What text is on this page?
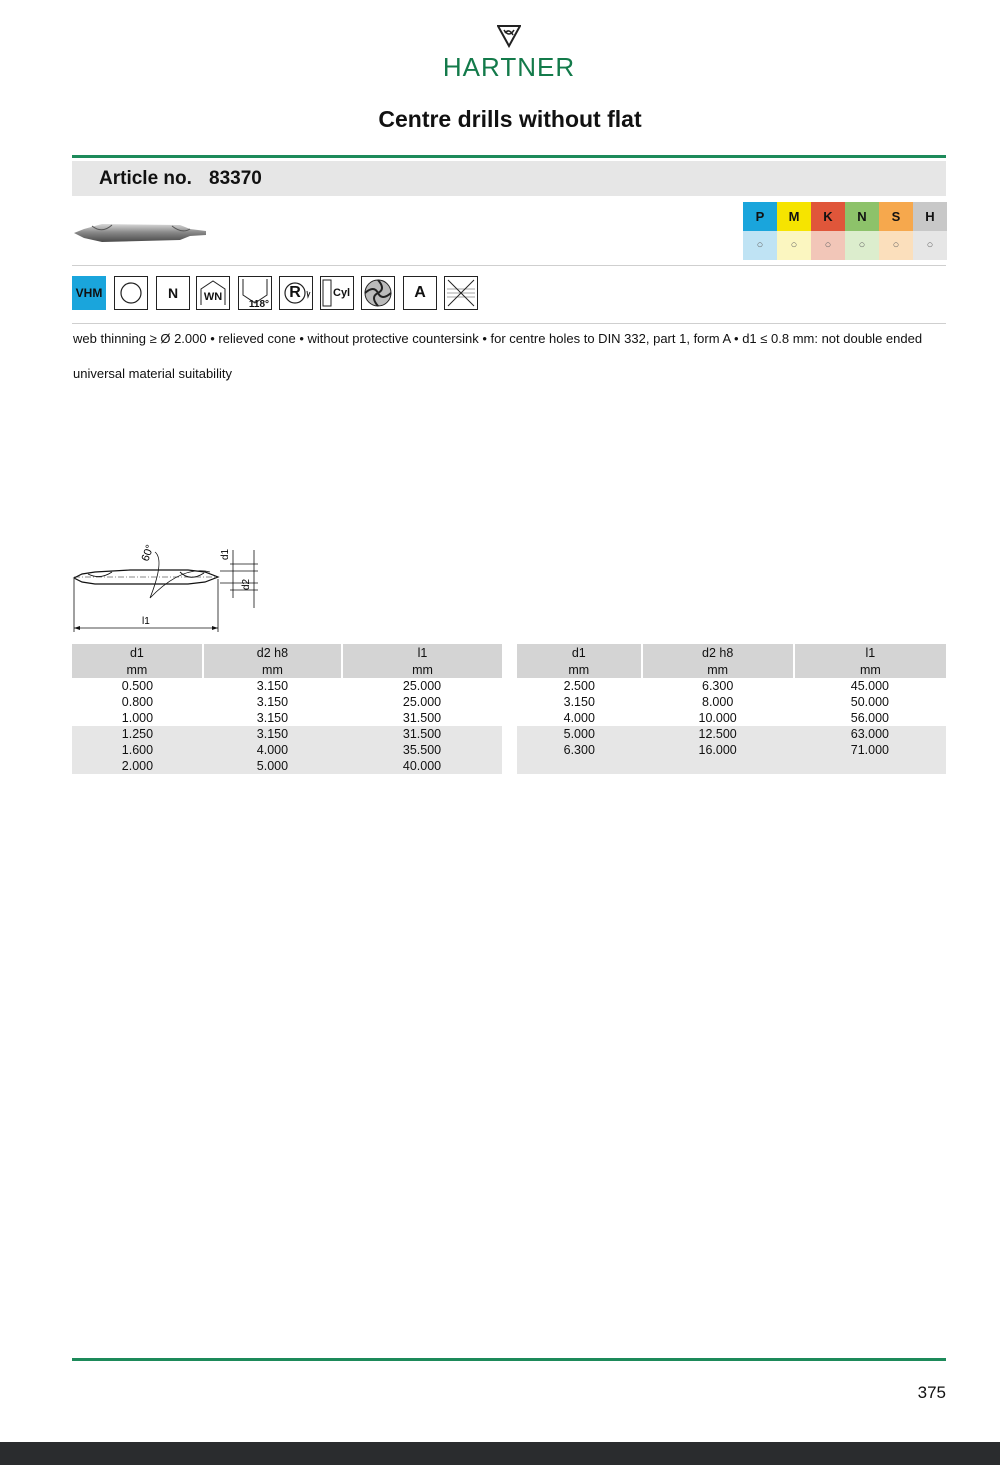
HARTNER
Centre drills without flat
Article no. 83370
P
○
M
○
K
○
N
○
S
○
H
○
VHM	N	WN
118°
R	Cyl	A
web thinning ≥ Ø 2.000 • relieved cone • without protective countersink • for centre holes to DIN 332, part 1, form A • d1 ≤ 0.8 mm: not double ended
universal material suitability
60°	d1
d2
l1
d1	d2 h8	l1
mm	mm	mm
0.500	3.150	25.000
0.800	3.150	25.000
1.000	3.150	31.500
1.250	3.150	31.500
1.600	4.000	35.500
2.000	5.000	40.000
d1	d2 h8	l1
mm	mm	mm
2.500	6.300	45.000
3.150	8.000	50.000
4.000	10.000	56.000
5.000	12.500	63.000
6.300	16.000	71.000

375
